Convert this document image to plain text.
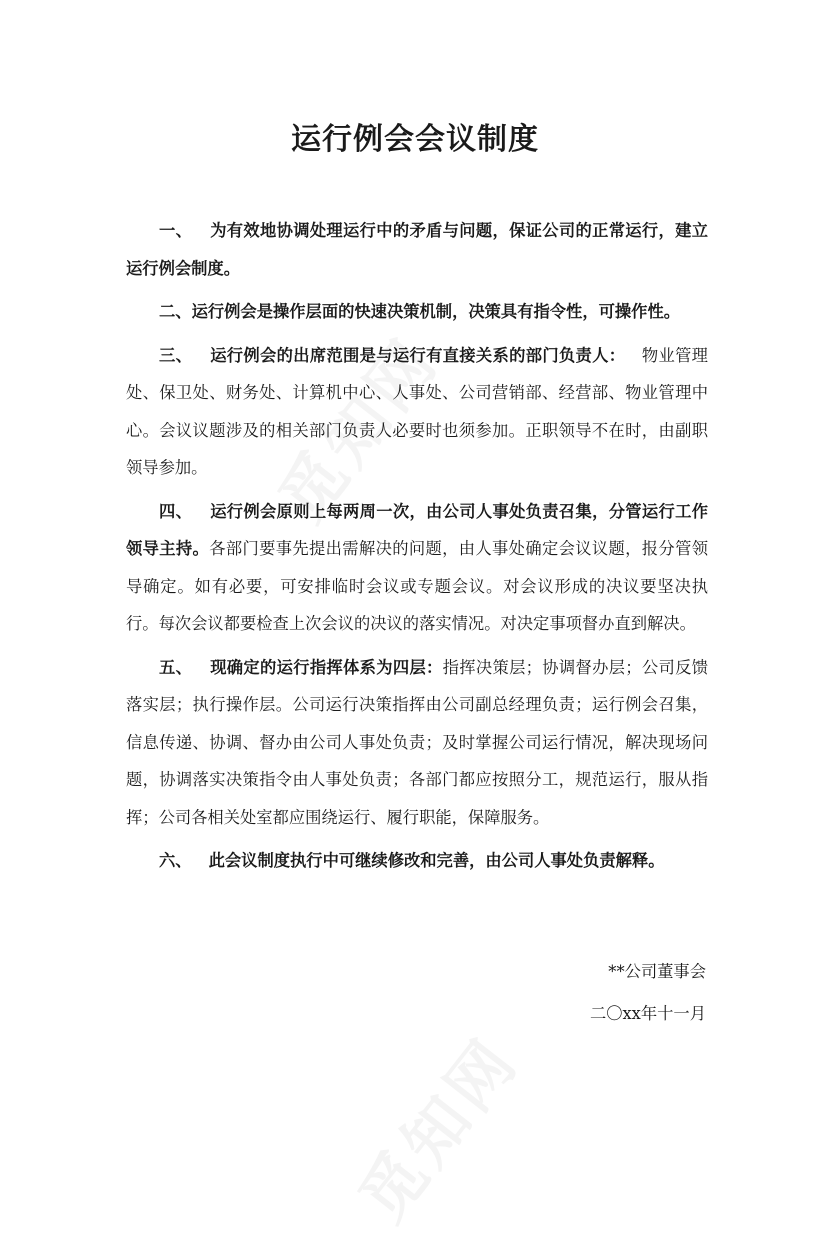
运行例会会议制度

一、 为有效地协调处理运行中的矛盾与问题，保证公司的正常运行，建立运行例会制度。

二、运行例会是操作层面的快速决策机制，决策具有指令性，可操作性。

三、 运行例会的出席范围是与运行有直接关系的部门负责人： 物业管理处、保卫处、财务处、计算机中心、人事处、公司营销部、经营部、物业管理中心。会议议题涉及的相关部门负责人必要时也须参加。正职领导不在时，由副职领导参加。

四、 运行例会原则上每两周一次，由公司人事处负责召集，分管运行工作领导主持。各部门要事先提出需解决的问题，由人事处确定会议议题，报分管领导确定。如有必要，可安排临时会议或专题会议。对会议形成的决议要坚决执行。每次会议都要检查上次会议的决议的落实情况。对决定事项督办直到解决。

五、 现确定的运行指挥体系为四层：指挥决策层；协调督办层；公司反馈落实层；执行操作层。公司运行决策指挥由公司副总经理负责；运行例会召集，信息传递、协调、督办由公司人事处负责；及时掌握公司运行情况，解决现场问题，协调落实决策指令由人事处负责；各部门都应按照分工，规范运行，服从指挥；公司各相关处室都应围绕运行、履行职能，保障服务。

六、 此会议制度执行中可继续修改和完善，由公司人事处负责解释。

**公司董事会
二〇xx年十一月
